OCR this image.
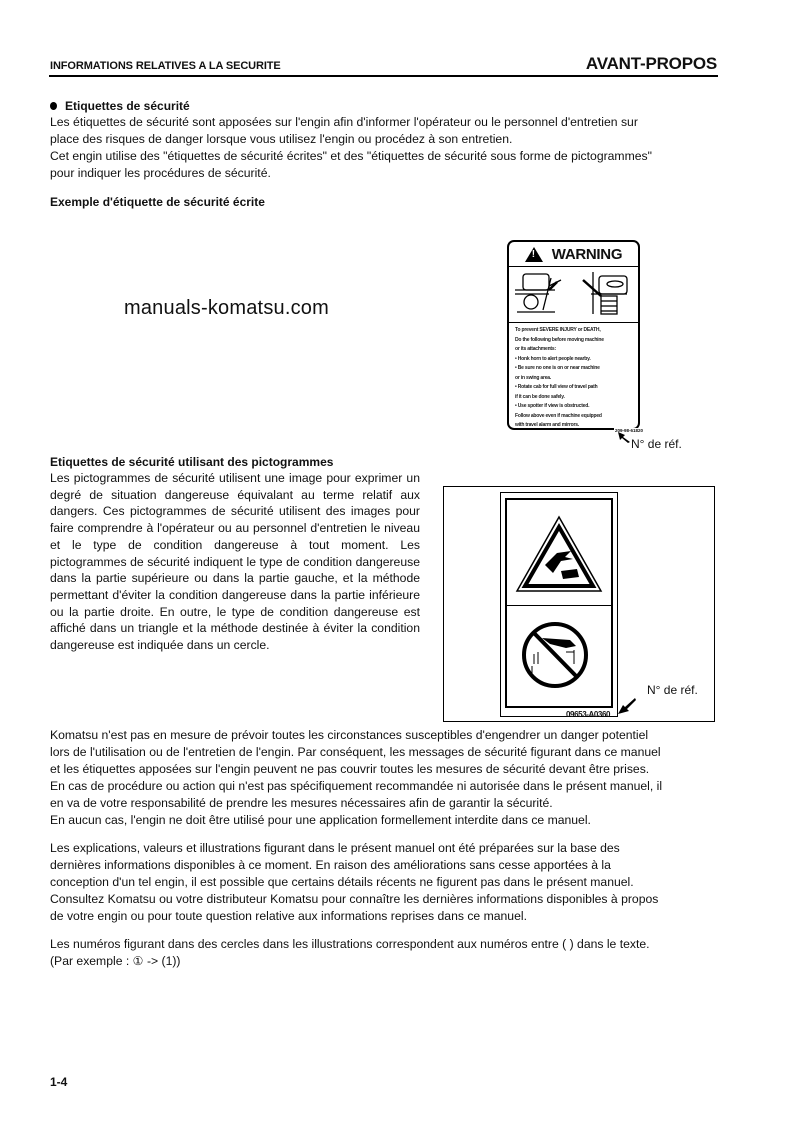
INFORMATIONS RELATIVES A LA SECURITE	AVANT-PROPOS
Etiquettes de sécurité
Les étiquettes de sécurité sont apposées sur l'engin afin d'informer l'opérateur ou le personnel d'entretien sur
place des risques de danger lorsque vous utilisez l'engin ou procédez à son entretien.
Cet engin utilise des "étiquettes de sécurité écrites" et des "étiquettes de sécurité sous forme de pictogrammes"
pour indiquer les procédures de sécurité.
Exemple d'étiquette de sécurité écrite
manuals-komatsu.com
!
WARNING
To prevent SEVERE INJURY or DEATH,
Do the following before moving machine
or its attachments:
• Honk horn to alert people nearby.
• Be sure no one is on or near machine
or in swing area.
• Rotate cab for full view of travel path
if it can be done safely.
• Use spotter if view is obstructed.
Follow above even if machine equipped
with travel alarm and mirrors.
209-98-61820
N° de réf.
Etiquettes de sécurité utilisant des pictogrammes
Les pictogrammes de sécurité utilisent une image pour exprimer un degré de situation dangereuse équivalant au terme relatif aux dangers. Ces pictogrammes de sécurité utilisent des images pour faire comprendre à l'opérateur ou au personnel d'entretien le niveau et le type de condition dangereuse à tout moment. Les pictogrammes de sécurité indiquent le type de condition dangereuse dans la partie supérieure ou dans la partie gauche, et la méthode permettant d'éviter la condition dangereuse dans la partie inférieure ou la partie droite. En outre, le type de condition dangereuse est affiché dans un triangle et la méthode destinée à éviter la condition dangereuse est indiquée dans un cercle.
09653-A0360
N° de réf.
Komatsu n'est pas en mesure de prévoir toutes les circonstances susceptibles d'engendrer un danger potentiel
lors de l'utilisation ou de l'entretien de l'engin. Par conséquent, les messages de sécurité figurant dans ce manuel
et les étiquettes apposées sur l'engin peuvent ne pas couvrir toutes les mesures de sécurité devant être prises.
En cas de procédure ou action qui n'est pas spécifiquement recommandée ni autorisée dans le présent manuel, il
en va de votre responsabilité de prendre les mesures nécessaires afin de garantir la sécurité.
En aucun cas, l'engin ne doit être utilisé pour une application formellement interdite dans ce manuel.
Les explications, valeurs et illustrations figurant dans le présent manuel ont été préparées sur la base des
dernières informations disponibles à ce moment. En raison des améliorations sans cesse apportées à la
conception d'un tel engin, il est possible que certains détails récents ne figurent pas dans le présent manuel.
Consultez Komatsu ou votre distributeur Komatsu pour connaître les dernières informations disponibles à propos
de votre engin ou pour toute question relative aux informations reprises dans ce manuel.
Les numéros figurant dans des cercles dans les illustrations correspondent aux numéros entre ( ) dans le texte.
(Par exemple : ① -> (1))
1-4
